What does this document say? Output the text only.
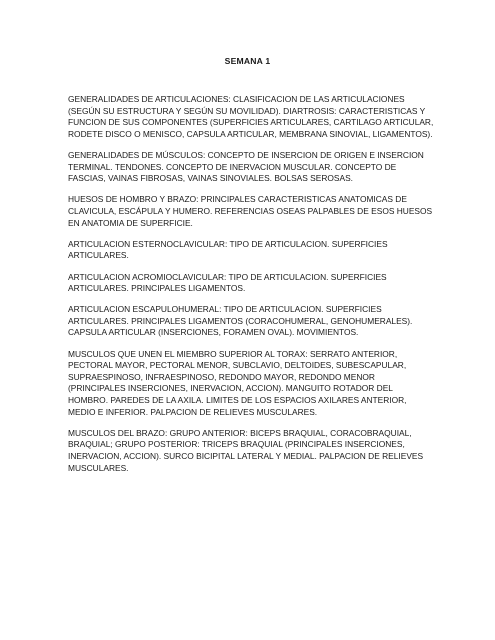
SEMANA 1

GENERALIDADES DE ARTICULACIONES: CLASIFICACION DE LAS ARTICULACIONES (SEGÚN SU ESTRUCTURA Y SEGÚN SU MOVILIDAD). DIARTROSIS: CARACTERISTICAS Y FUNCION DE SUS COMPONENTES (SUPERFICIES ARTICULARES, CARTILAGO ARTICULAR, RODETE DISCO O MENISCO, CAPSULA ARTICULAR, MEMBRANA SINOVIAL, LIGAMENTOS).

GENERALIDADES DE MÚSCULOS: CONCEPTO DE INSERCION DE ORIGEN E INSERCION TERMINAL. TENDONES. CONCEPTO DE INERVACION MUSCULAR. CONCEPTO DE FASCIAS, VAINAS FIBROSAS, VAINAS SINOVIALES. BOLSAS SEROSAS.

HUESOS DE HOMBRO Y BRAZO: PRINCIPALES CARACTERISTICAS ANATOMICAS DE CLAVICULA, ESCÁPULA Y HUMERO. REFERENCIAS OSEAS PALPABLES DE ESOS HUESOS EN ANATOMIA DE SUPERFICIE.

ARTICULACION ESTERNOCLAVICULAR: TIPO DE ARTICULACION. SUPERFICIES ARTICULARES.

ARTICULACION ACROMIOCLAVICULAR: TIPO DE ARTICULACION. SUPERFICIES ARTICULARES. PRINCIPALES LIGAMENTOS.

ARTICULACION ESCAPULOHUMERAL: TIPO DE ARTICULACION. SUPERFICIES ARTICULARES. PRINCIPALES LIGAMENTOS (CORACOHUMERAL, GENOHUMERALES). CAPSULA ARTICULAR (INSERCIONES, FORAMEN OVAL). MOVIMIENTOS.

MUSCULOS QUE UNEN EL MIEMBRO SUPERIOR AL TORAX: SERRATO ANTERIOR, PECTORAL MAYOR, PECTORAL MENOR, SUBCLAVIO, DELTOIDES, SUBESCAPULAR, SUPRAESPINOSO, INFRAESPINOSO, REDONDO MAYOR, REDONDO MENOR (PRINCIPALES INSERCIONES, INERVACION, ACCION). MANGUITO ROTADOR DEL HOMBRO. PAREDES DE LA AXILA. LIMITES DE LOS ESPACIOS AXILARES ANTERIOR, MEDIO E INFERIOR. PALPACION DE RELIEVES MUSCULARES.

MUSCULOS DEL BRAZO: GRUPO ANTERIOR: BICEPS BRAQUIAL, CORACOBRAQUIAL, BRAQUIAL; GRUPO POSTERIOR: TRICEPS BRAQUIAL (PRINCIPALES INSERCIONES, INERVACION, ACCION). SURCO BICIPITAL LATERAL Y MEDIAL. PALPACION DE RELIEVES MUSCULARES.
